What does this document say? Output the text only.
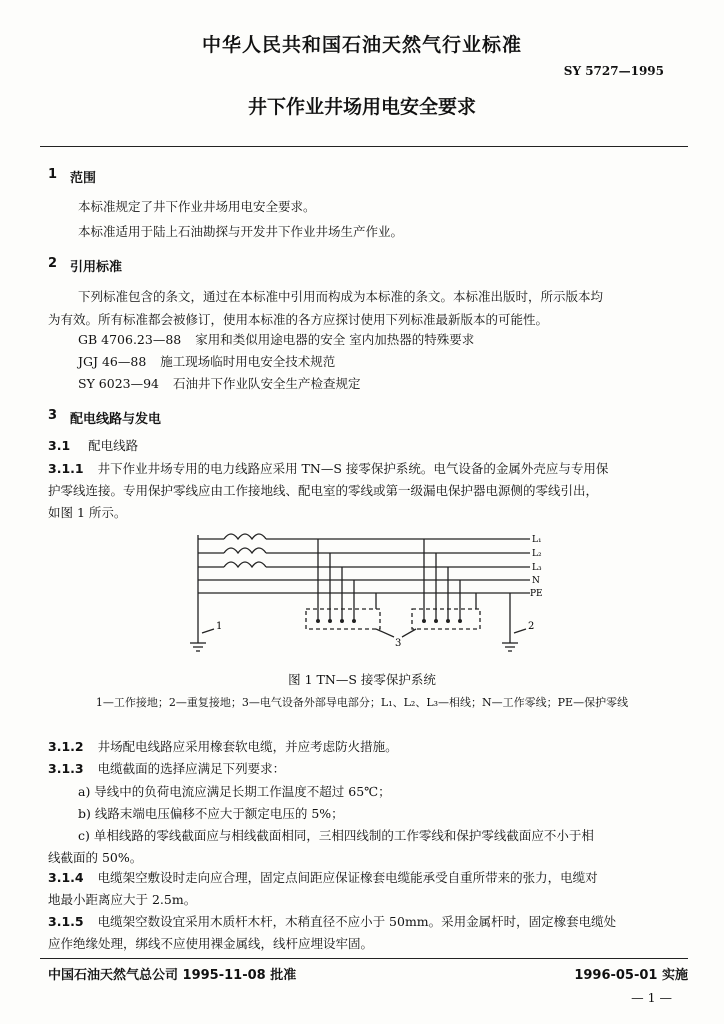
中华人民共和国石油天然气行业标准
SY 5727—1995
井下作业井场用电安全要求
1 范围
本标准规定了井下作业井场用电安全要求。
本标准适用于陆上石油勘探与开发井下作业井场生产作业。
2 引用标准
下列标准包含的条文，通过在本标准中引用而构成为本标准的条文。本标准出版时，所示版本均
为有效。所有标准都会被修订，使用本标准的各方应探讨使用下列标准最新版本的可能性。
GB 4706.23—88 家用和类似用途电器的安全 室内加热器的特殊要求
JGJ 46—88 施工现场临时用电安全技术规范
SY 6023—94 石油井下作业队安全生产检查规定
3 配电线路与发电
3.1 配电线路
3.1.1 井下作业井场专用的电力线路应采用 TN—S 接零保护系统。电气设备的金属外壳应与专用保
护零线连接。专用保护零线应由工作接地线、配电室的零线或第一级漏电保护器电源侧的零线引出，
如图 1 所示。
L₁
L₂
L₃
N
PE
1	2
3
图 1 TN—S 接零保护系统
1—工作接地；2—重复接地；3—电气设备外部导电部分；L₁、L₂、L₃—相线；N—工作零线；PE—保护零线
3.1.2 井场配电线路应采用橡套软电缆，并应考虑防火措施。
3.1.3 电缆截面的选择应满足下列要求：
a) 导线中的负荷电流应满足长期工作温度不超过 65℃；
b) 线路末端电压偏移不应大于额定电压的 5%；
c) 单相线路的零线截面应与相线截面相同，三相四线制的工作零线和保护零线截面应不小于相
线截面的 50%。
3.1.4 电缆架空敷设时走向应合理，固定点间距应保证橡套电缆能承受自重所带来的张力，电缆对
地最小距离应大于 2.5m。
3.1.5 电缆架空数设宜采用木质杆木杆，木稍直径不应小于 50mm。采用金属杆时，固定橡套电缆处
应作绝缘处理，绑线不应使用裸金属线，线杆应埋设牢固。
中国石油天然气总公司 1995-11-08 批准	1996-05-01 实施
— 1 —
